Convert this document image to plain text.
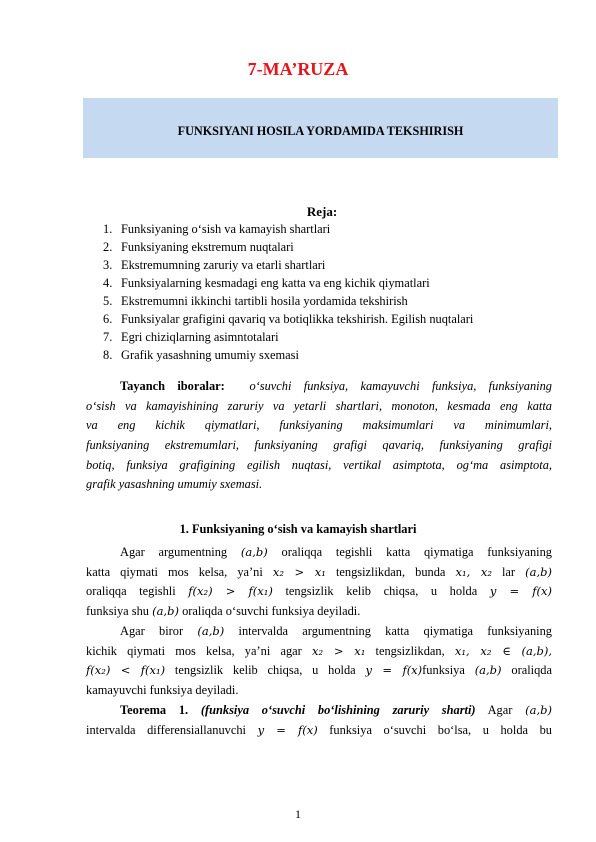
7-MA’RUZA
FUNKSIYANI HOSILA YORDAMIDA TEKSHIRISH
Reja:
1. Funksiyaning o‘sish va kamayish shartlari
2. Funksiyaning ekstremum nuqtalari
3. Ekstremumning zaruriy va etarli shartlari
4. Funksiyalarning kesmadagi eng katta va eng kichik qiymatlari
5. Ekstremumni ikkinchi tartibli hosila yordamida tekshirish
6. Funksiyalar grafigini qavariq va botiqlikka tekshirish. Egilish nuqtalari
7. Egri chiziqlarning asimntotalari
8. Grafik yasashning umumiy sxemasi
Tayanch iboralar: o‘suvchi funksiya, kamayuvchi funksiya, funksiyaning
o‘sish va kamayishining zaruriy va yetarli shartlari, monoton, kesmada eng katta
va eng kichik qiymatlari, funksiyaning maksimumlari va minimumlari,
funksiyaning ekstremumlari, funksiyaning grafigi qavariq, funksiyaning grafigi
botiq, funksiya grafigining egilish nuqtasi, vertikal asimptota, og‘ma asimptota,
grafik yasashning umumiy sxemasi.
1. Funksiyaning o‘sish va kamayish shartlari
Agar argumentning (a,b) oraliqqa tegishli katta qiymatiga funksiyaning
katta qiymati mos kelsa, ya’ni x₂ > x₁ tengsizlikdan, bunda x₁, x₂ lar (a,b)
oraliqqa tegishli f(x₂) > f(x₁) tengsizlik kelib chiqsa, u holda y = f(x)
funksiya shu (a,b) oraliqda o‘suvchi funksiya deyiladi.
Agar biror (a,b) intervalda argumentning katta qiymatiga funksiyaning
kichik qiymati mos kelsa, ya’ni agar x₂ > x₁ tengsizlikdan, x₁, x₂ ∈ (a,b),
f(x₂) < f(x₁) tengsizlik kelib chiqsa, u holda y = f(x)funksiya (a,b) oraliqda
kamayuvchi funksiya deyiladi.
Teorema 1. (funksiya o‘suvchi bo‘lishining zaruriy sharti) Agar (a,b)
intervalda differensiallanuvchi y = f(x) funksiya o‘suvchi bo‘lsa, u holda bu
1
